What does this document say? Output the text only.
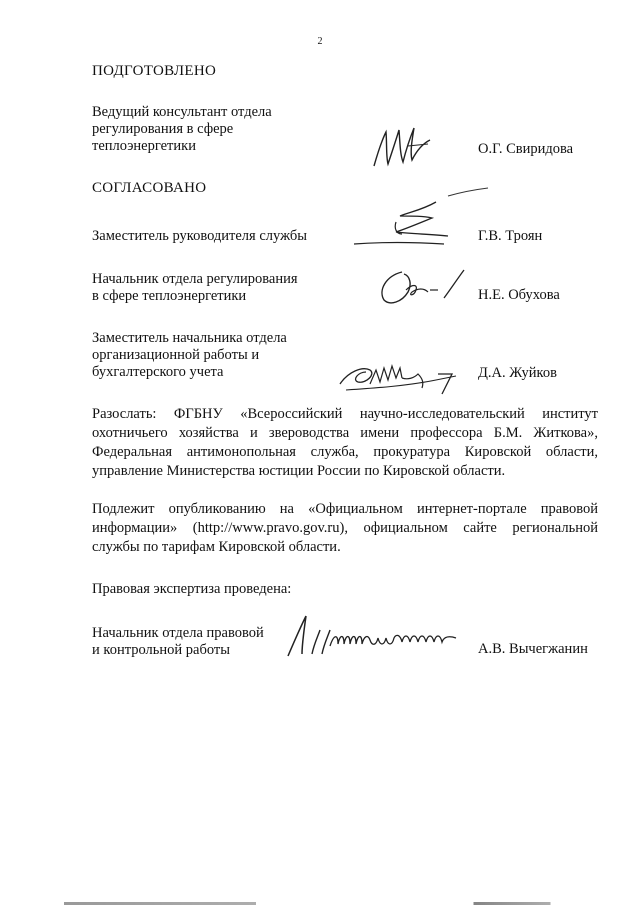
2
ПОДГОТОВЛЕНО
Ведущий консультант отдела
регулирования в сфере
теплоэнергетики	О.Г. Свиридова
СОГЛАСОВАНО
Заместитель руководителя службы	Г.В. Троян
Начальник отдела регулирования
в сфере теплоэнергетики	Н.Е. Обухова
Заместитель начальника отдела
организационной работы и
бухгалтерского учета	Д.А. Жуйков
Разослать: ФГБНУ «Всероссийский научно-исследовательский институт охотничьего хозяйства и звероводства имени профессора Б.М. Житкова», Федеральная антимонопольная служба, прокуратура Кировской области, управление Министерства юстиции России по Кировской области.
Подлежит опубликованию на «Официальном интернет-портале правовой информации» (http://www.pravo.gov.ru), официальном сайте региональной службы по тарифам Кировской области.
Правовая экспертиза проведена:
Начальник отдела правовой
и контрольной работы	А.В. Вычегжанин
